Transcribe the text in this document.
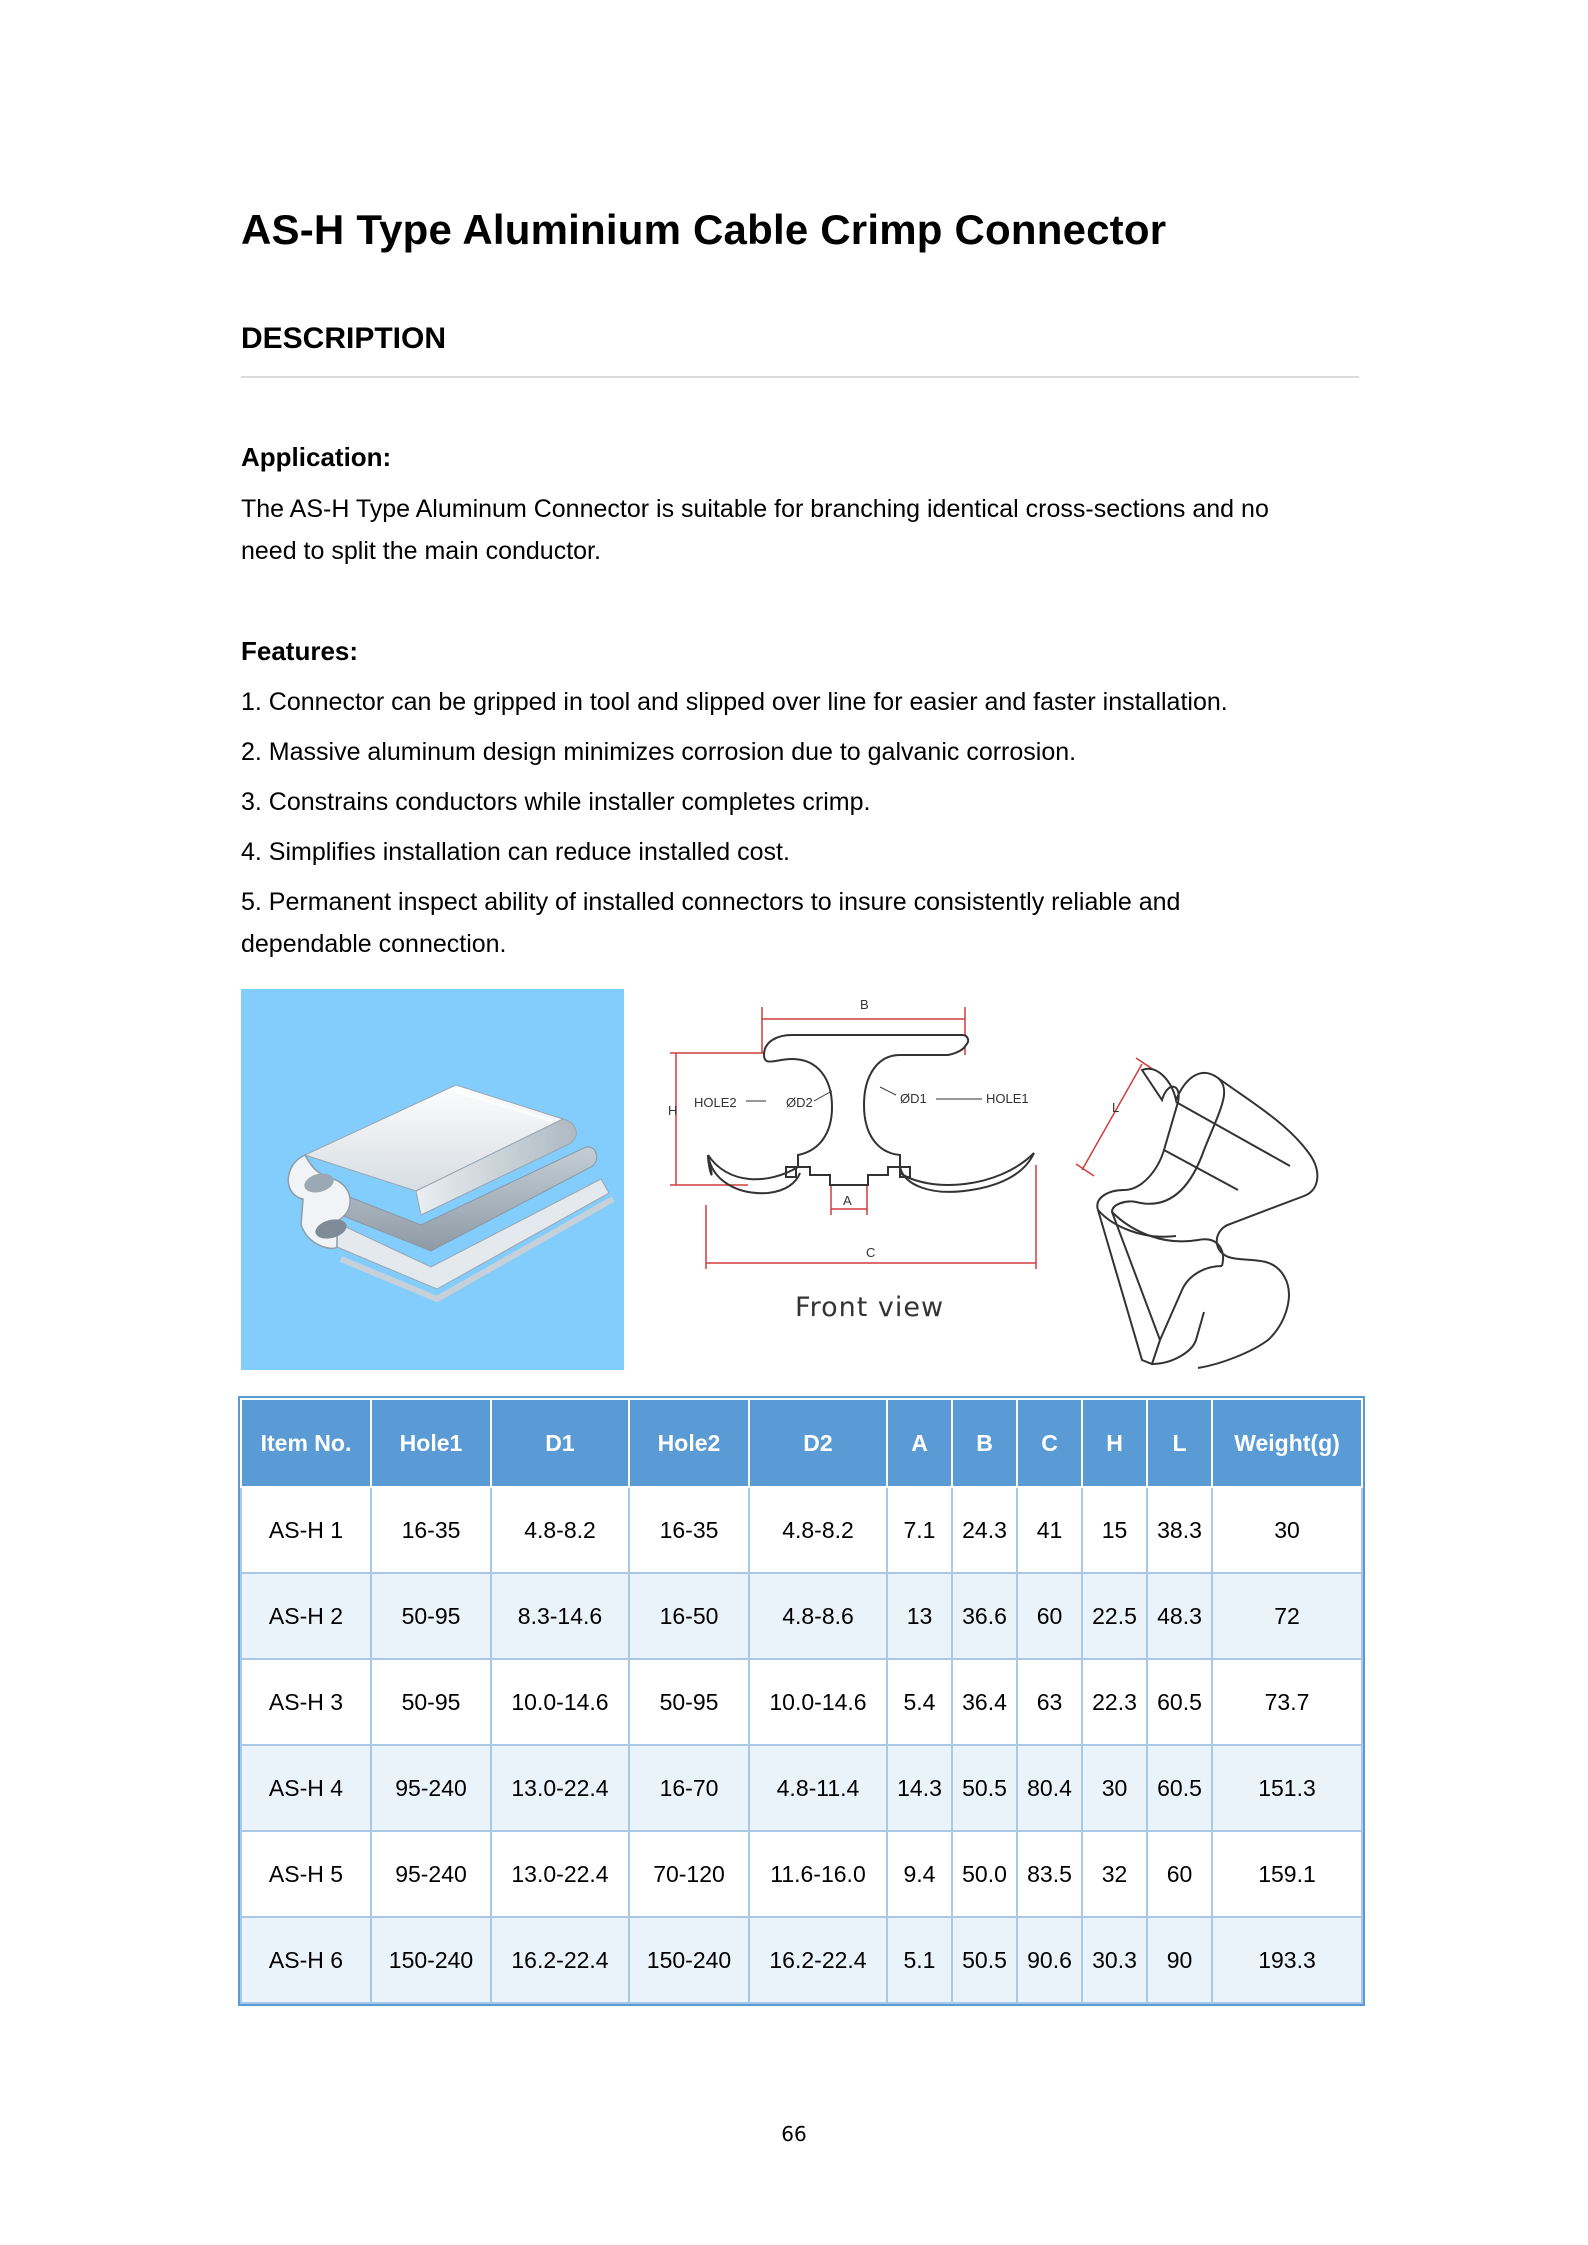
AS-H Type Aluminium Cable Crimp Connector
DESCRIPTION
Application:

The AS-H Type Aluminum Connector is suitable for branching identical cross-sections and no

need to split the main conductor.

Features:

1. Connector can be gripped in tool and slipped over line for easier and faster installation.

2. Massive aluminum design minimizes corrosion due to galvanic corrosion.

3. Constrains conductors while installer completes crimp.

4. Simplifies installation can reduce installed cost.

5. Permanent inspect ability of installed connectors to insure consistently reliable and

dependable connection.

B
H
HOLE2	ØD2	ØD1	HOLE1
A
C
Front view
L
Item No.	Hole1	D1	Hole2	D2	A	B	C	H	L	Weight(g)
AS-H 1	16-35	4.8-8.2	16-35	4.8-8.2	7.1	24.3	41	15	38.3	30
AS-H 2	50-95	8.3-14.6	16-50	4.8-8.6	13	36.6	60	22.5	48.3	72
AS-H 3	50-95	10.0-14.6	50-95	10.0-14.6	5.4	36.4	63	22.3	60.5	73.7
AS-H 4	95-240	13.0-22.4	16-70	4.8-11.4	14.3	50.5	80.4	30	60.5	151.3
AS-H 5	95-240	13.0-22.4	70-120	11.6-16.0	9.4	50.0	83.5	32	60	159.1
AS-H 6	150-240	16.2-22.4	150-240	16.2-22.4	5.1	50.5	90.6	30.3	90	193.3
66
